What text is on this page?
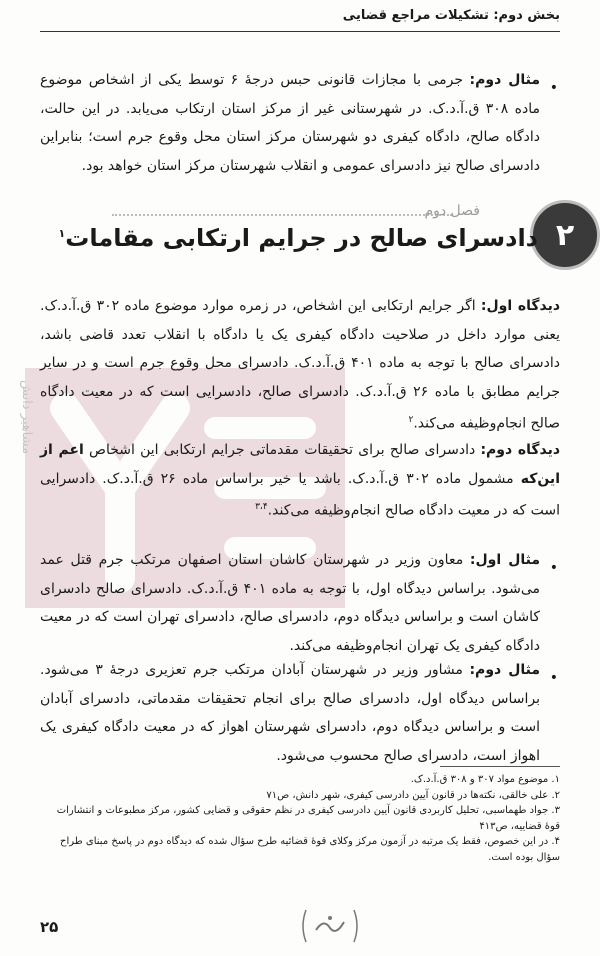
بخش دوم: تشکیلات مراجع قضایی
•

مثال دوم: جرمی با مجازات قانونی حبس درجهٔ ۶ توسط یکی از اشخاص موضوع ماده ۳۰۸ ق.آ.د.ک. در شهرستانی غیر از مرکز استان ارتکاب می‌یابد. در این حالت، دادگاه صالح، دادگاه کیفری دو شهرستان مرکز استان محل وقوع جرم است؛ بنابراین دادسرای صالح نیز دادسرای عمومی و انقلاب شهرستان مرکز استان خواهد بود.

فصل دوم
۲
دادسرای صالح در جرایم ارتکابی مقامات$^۱$
مشاهیر دانش

دیدگاه اول: اگر جرایم ارتکابی این اشخاص، در زمره موارد موضوع ماده ۳۰۲ ق.آ.د.ک. یعنی موارد داخل در صلاحیت دادگاه کیفری یک یا دادگاه با انقلاب تعدد قاضی باشد، دادسرای صالح با توجه به ماده ۴۰۱ ق.آ.د.ک. دادسرای محل وقوع جرم است و در سایر جرایم مطابق با ماده ۲۶ ق.آ.د.ک. دادسرای صالح، دادسرایی است که در معیت دادگاه صالح انجام‌وظیفه می‌کند.$^۲$

دیدگاه دوم: دادسرای صالح برای تحقیقات مقدماتی جرایم ارتکابی این اشخاص اعم از این‌که مشمول ماده ۳۰۲ ق.آ.د.ک. باشد یا خیر براساس ماده ۲۶ ق.آ.د.ک. دادسرایی است که در معیت دادگاه صالح انجام‌وظیفه می‌کند.$^{۳،۴}$

•

مثال اول: معاون وزیر در شهرستان کاشان استان اصفهان مرتکب جرم قتل عمد می‌شود. براساس دیدگاه اول، با توجه به ماده ۴۰۱ ق.آ.د.ک. دادسرای صالح دادسرای کاشان است و براساس دیدگاه دوم، دادسرای صالح، دادسرای تهران است که در معیت دادگاه کیفری یک تهران انجام‌وظیفه می‌کند.

•

مثال دوم: مشاور وزیر در شهرستان آبادان مرتکب جرم تعزیری درجهٔ ۳ می‌شود. براساس دیدگاه اول، دادسرای صالح برای انجام تحقیقات مقدماتی، دادسرای آبادان است و براساس دیدگاه دوم، دادسرای شهرستان اهواز که در معیت دادگاه کیفری یک اهواز است، دادسرای صالح محسوب می‌شود.

۱. موضوع مواد ۳۰۷ و ۳۰۸ ق.آ.د.ک.
۲. علی خالقی، نکته‌ها در قانون آیین دادرسی کیفری، شهر دانش، ص۷۱
۳. جواد طهماسبی، تحلیل کاربردی قانون آیین دادرسی کیفری در نظم حقوقی و قضایی کشور، مرکز مطبوعات و انتشارات قوهٔ قضاییه، ص۴۱۳
۴. در این خصوص، فقط یک مرتبه در آزمون مرکز وکلای قوهٔ قضائیه طرح سؤال شده که دیدگاه دوم در پاسخ مبنای طراح سؤال بوده است.
۲۵
